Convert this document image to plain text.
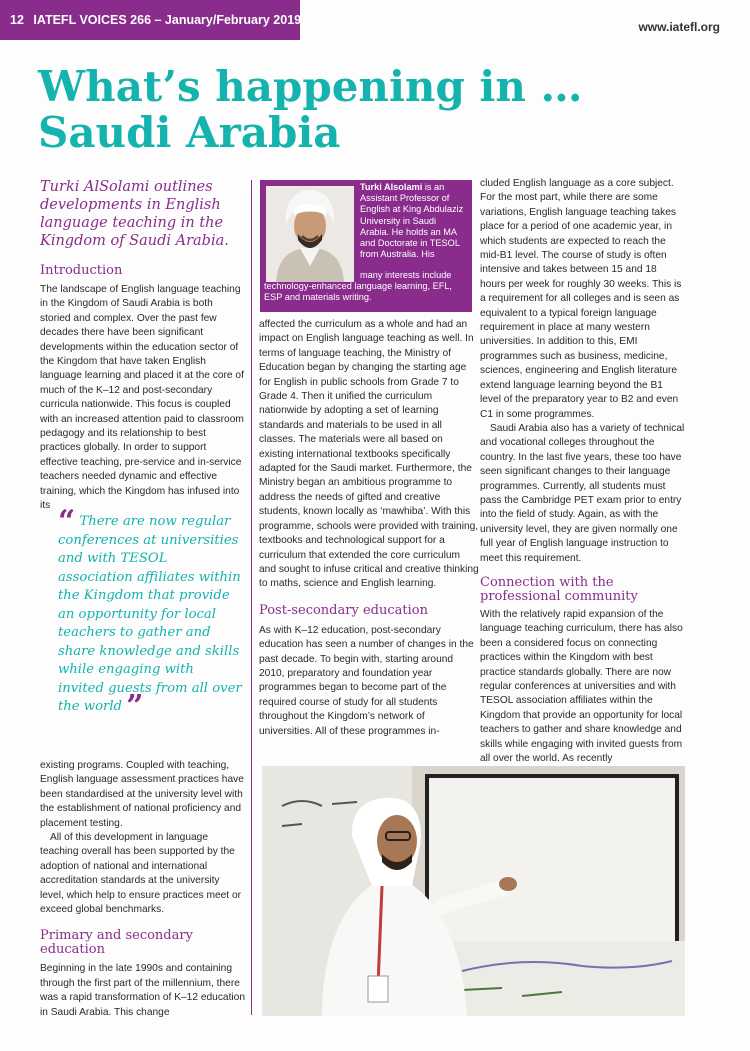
12 IATEFL VOICES 266 – January/February 2019	www.iatefl.org
What’s happening in …
Saudi Arabia

Turki AlSolami outlines developments in English language teaching in the Kingdom of Saudi Arabia.

Introduction

The landscape of English language teaching in the Kingdom of Saudi Arabia is both storied and complex. Over the past few decades there have been significant developments within the education sector of the Kingdom that have taken English language learning and placed it at the core of much of the K–12 and post-secondary curricula nationwide. This focus is coupled with an increased attention paid to classroom pedagogy and its relationship to best practices globally. In order to support effective teaching, pre-service and in-service teachers needed dynamic and effective training, which the Kingdom has infused into its “ There are now regular conferences at universities and with TESOL association affiliates within the Kingdom that provide an opportunity for local teachers to gather and share knowledge and skills while engaging with invited guests from all over the world ”

existing programs. Coupled with teaching, English language assessment practices have been standardised at the university level with the establishment of national proficiency and placement testing.

All of this development in language teaching overall has been supported by the adoption of national and international accreditation standards at the university level, which help to ensure practices meet or exceed global benchmarks.

Primary and secondary education

Beginning in the late 1990s and containing through the first part of the millennium, there was a rapid transformation of K–12 education in Saudi Arabia. This change

Turki Alsolami is an Assistant Professor of English at King Abdulaziz University in Saudi Arabia. He holds an MA and Doctorate in TESOL from Australia. His
many interests include technology-enhanced language learning, EFL, ESP and materials writing.

affected the curriculum as a whole and had an impact on English language teaching as well. In terms of language teaching, the Ministry of Education began by changing the starting age for English in public schools from Grade 7 to Grade 4. Then it unified the curriculum nationwide by adopting a set of learning standards and materials to be used in all classes. The materials were all based on existing international textbooks specifically adapted for the Saudi market. Furthermore, the Ministry began an ambitious programme to address the needs of gifted and creative students, known locally as ‘mawhiba’. With this programme, schools were provided with training, textbooks and technological support for a curriculum that extended the core curriculum and sought to infuse critical and creative thinking to maths, science and English learning.

Post-secondary education

As with K–12 education, post-secondary education has seen a number of changes in the past decade. To begin with, starting around 2010, preparatory and foundation year programmes began to become part of the required course of study for all students throughout the Kingdom’s network of universities. All of these programmes in-

cluded English language as a core subject. For the most part, while there are some variations, English language teaching takes place for a period of one academic year, in which students are expected to reach the mid-B1 level. The course of study is often intensive and takes between 15 and 18 hours per week for roughly 30 weeks. This is a requirement for all colleges and is seen as equivalent to a typical foreign language requirement in place at many western universities. In addition to this, EMI programmes such as business, medicine, sciences, engineering and English literature extend language learning beyond the B1 level of the preparatory year to B2 and even C1 in some programmes.

Saudi Arabia also has a variety of technical and vocational colleges throughout the country. In the last five years, these too have seen significant changes to their language programmes. Currently, all students must pass the Cambridge PET exam prior to entry into the field of study. Again, as with the university level, they are given normally one full year of English language instruction to meet this requirement.

Connection with the professional community

With the relatively rapid expansion of the language teaching curriculum, there has also been a considered focus on connecting practices within the Kingdom with best practice standards globally. There are now regular conferences at universities and with TESOL association affiliates within the Kingdom that provide an opportunity for local teachers to gather and share knowledge and skills while engaging with invited guests from all over the world. As recently
